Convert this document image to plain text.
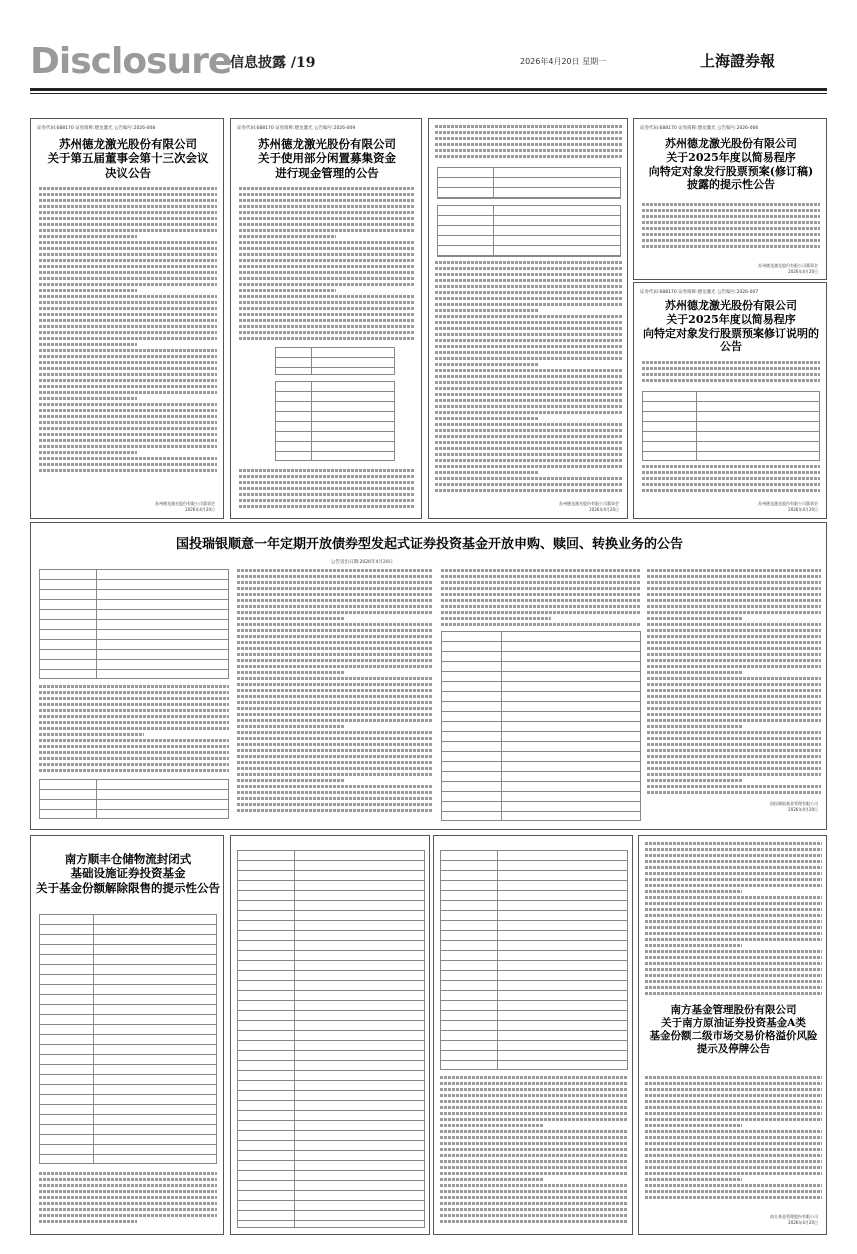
Disclosure
信息披露 /19	2026年4月20日 星期一	上海證券報
证券代码:688170 证券简称:德龙激光 公告编号:2026-008
苏州德龙激光股份有限公司
关于第五届董事会第十三次会议
决议公告
苏州德龙激光股份有限公司董事会
2026年4月20日
证券代码:688170 证券简称:德龙激光 公告编号:2026-009
苏州德龙激光股份有限公司
关于使用部分闲置募集资金
进行现金管理的公告
苏州德龙激光股份有限公司董事会
2026年4月20日
证券代码:688170 证券简称:德龙激光 公告编号:2026-006
苏州德龙激光股份有限公司
关于2025年度以简易程序
向特定对象发行股票预案(修订稿)
披露的提示性公告
苏州德龙激光股份有限公司董事会
2026年4月20日
证券代码:688170 证券简称:德龙激光 公告编号:2026-007
苏州德龙激光股份有限公司
关于2025年度以简易程序
向特定对象发行股票预案修订说明的
公告
苏州德龙激光股份有限公司董事会
2026年4月20日
国投瑞银顺意一年定期开放债券型发起式证券投资基金开放申购、赎回、转换业务的公告
公告送出日期:2026年4月20日
国投瑞银基金管理有限公司
2026年4月20日
南方顺丰仓储物流封闭式
基础设施证券投资基金
关于基金份额解除限售的提示性公告
南方基金管理股份有限公司
关于南方原油证券投资基金A类
基金份额二级市场交易价格溢价风险
提示及停牌公告
南方基金管理股份有限公司
2026年4月20日
